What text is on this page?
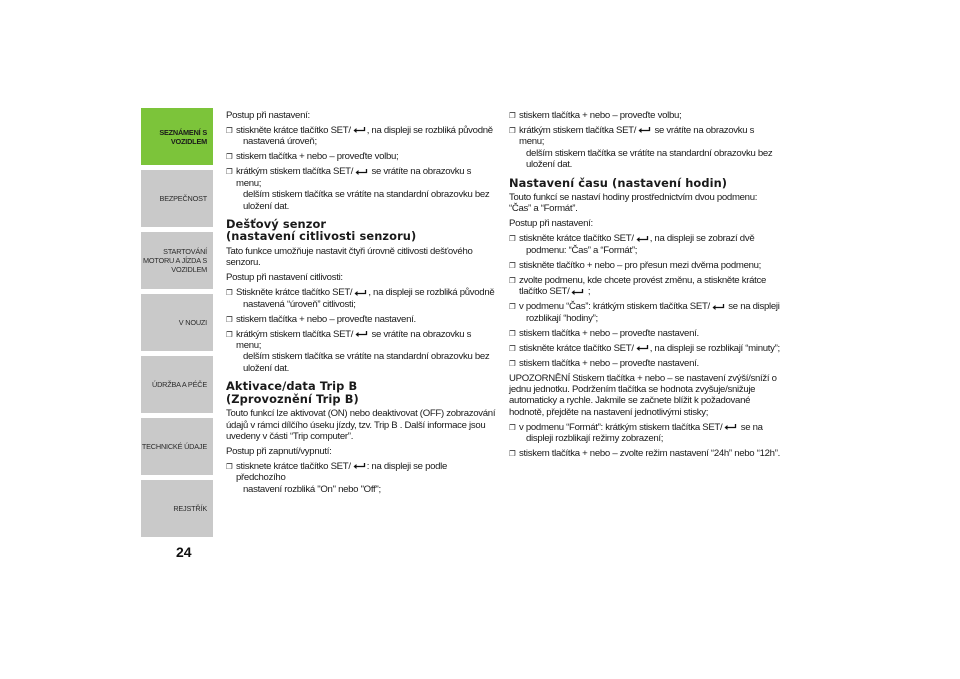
SEZNÁMENÍ S
VOZIDLEM
BEZPEČNOST
STARTOVÁNÍ
MOTORU A JÍZDA S
VOZIDLEM
V NOUZI
ÚDRŽBA A PÉČE
TECHNICKÉ ÚDAJE
REJSTŘÍK
24

Postup při nastavení:

❐ stiskněte krátce tlačítko SET/ , na displeji se rozbliká původně
nastavená úroveň;
❐ stiskem tlačítka + nebo – proveďte volbu;
❐ krátkým stiskem tlačítka SET/ se vrátíte na obrazovku s menu;
delším stiskem tlačítka se vrátíte na standardní obrazovku bez uložení dat.
Dešťový senzor
(nastavení citlivosti senzoru)

Tato funkce umožňuje nastavit čtyři úrovně citlivosti dešťového senzoru.

Postup při nastavení citlivosti:

❐ Stiskněte krátce tlačítko SET/ , na displeji se rozbliká původně
nastavená “úroveň” citlivosti;
❐ stiskem tlačítka + nebo – proveďte nastavení.
❐ krátkým stiskem tlačítka SET/ se vrátíte na obrazovku s menu;
delším stiskem tlačítka se vrátíte na standardní obrazovku bez uložení dat.
Aktivace/data Trip B
(Zprovoznění Trip B)

Touto funkcí lze aktivovat (ON) nebo deaktivovat (OFF) zobrazování údajů v rámci dílčího úseku jízdy, tzv. Trip B . Další informace jsou uvedeny v části “Trip computer”.

Postup při zapnutí/vypnutí:

❐ stisknete krátce tlačítko SET/ : na displeji se podle předchozího
nastavení rozbliká "On" nebo "Off";
❐ stiskem tlačítka + nebo – proveďte volbu;
❐ krátkým stiskem tlačítka SET/ se vrátíte na obrazovku s menu;
delším stiskem tlačítka se vrátíte na standardní obrazovku bez uložení dat.
Nastavení času (nastavení hodin)

Touto funkcí se nastaví hodiny prostřednictvím dvou podmenu: “Čas” a “Formát”.

Postup při nastavení:

❐ stiskněte krátce tlačítko SET/ , na displeji se zobrazí dvě
podmenu: “Čas” a “Formát”;
❐ stiskněte tlačítko + nebo – pro přesun mezi dvěma podmenu;
❐ zvolte podmenu, kde chcete provést změnu, a stiskněte krátce tlačítko SET/ ;
❐ v podmenu “Čas”: krátkým stiskem tlačítka SET/ se na displeji
rozblikají “hodiny”;
❐ stiskem tlačítka + nebo – proveďte nastavení.
❐ stiskněte krátce tlačítko SET/ , na displeji se rozblikají “minuty”;
❐ stiskem tlačítka + nebo – proveďte nastavení.

UPOZORNĚNÍ Stiskem tlačítka + nebo – se nastavení zvýší/sníží o jednu jednotku. Podržením tlačítka se hodnota zvyšuje/snižuje automaticky a rychle. Jakmile se začnete blížit k požadované hodnotě, přejděte na nastavení jednotlivými stisky;

❐ v podmenu “Formát”: krátkým stiskem tlačítka SET/ se na
displeji rozblikají režimy zobrazení;
❐ stiskem tlačítka + nebo – zvolte režim nastavení “24h” nebo “12h”.
